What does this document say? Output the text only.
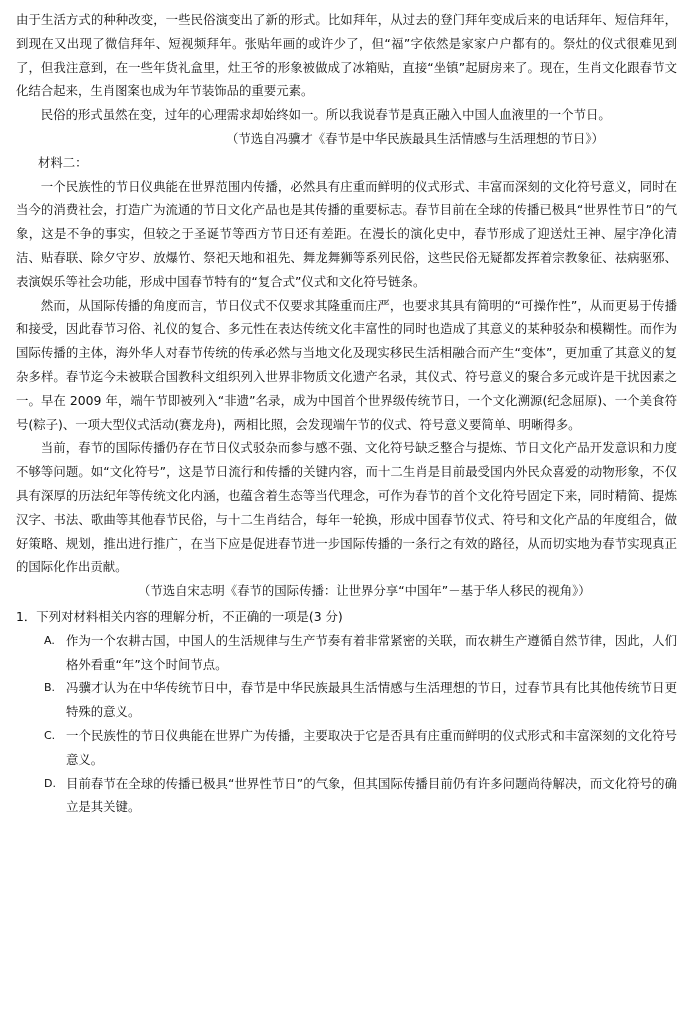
由于生活方式的种种改变，一些民俗演变出了新的形式。比如拜年，从过去的登门拜年变成后来的电话拜年、短信拜年，到现在又出现了微信拜年、短视频拜年。张贴年画的或许少了，但“福”字依然是家家户户都有的。祭灶的仪式很难见到了，但我注意到，在一些年货礼盒里，灶王爷的形象被做成了冰箱贴，直接“坐镇”起厨房来了。现在，生肖文化跟春节文化结合起来，生肖图案也成为年节装饰品的重要元素。

民俗的形式虽然在变，过年的心理需求却始终如一。所以我说春节是真正融入中国人血液里的一个节日。

（节选自冯骥才《春节是中华民族最具生活情感与生活理想的节日》）

材料二：

一个民族性的节日仪典能在世界范围内传播，必然具有庄重而鲜明的仪式形式、丰富而深刻的文化符号意义，同时在当今的消费社会，打造广为流通的节日文化产品也是其传播的重要标志。春节目前在全球的传播已极具“世界性节日”的气象，这是不争的事实，但较之于圣诞节等西方节日还有差距。在漫长的演化史中，春节形成了迎送灶王神、屋宇净化清洁、贴春联、除夕守岁、放爆竹、祭祀天地和祖先、舞龙舞狮等系列民俗，这些民俗无疑都发挥着宗教象征、祛病驱邪、表演娱乐等社会功能，形成中国春节特有的“复合式”仪式和文化符号链条。

然而，从国际传播的角度而言，节日仪式不仅要求其隆重而庄严，也要求其具有简明的“可操作性”，从而更易于传播和接受，因此春节习俗、礼仪的复合、多元性在表达传统文化丰富性的同时也造成了其意义的某种驳杂和模糊性。而作为国际传播的主体，海外华人对春节传统的传承必然与当地文化及现实移民生活相融合而产生“变体”，更加重了其意义的复杂多样。春节迄今未被联合国教科文组织列入世界非物质文化遗产名录，其仪式、符号意义的聚合多元或许是干扰因素之一。早在 2009 年，端午节即被列入“非遗”名录，成为中国首个世界级传统节日，一个文化溯源(纪念屈原)、一个美食符号(粽子)、一项大型仪式活动(赛龙舟)，两相比照，会发现端午节的仪式、符号意义要简单、明晰得多。

当前，春节的国际传播仍存在节日仪式驳杂而参与感不强、文化符号缺乏整合与提炼、节日文化产品开发意识和力度不够等问题。如“文化符号”，这是节日流行和传播的关键内容，而十二生肖是目前最受国内外民众喜爱的动物形象，不仅具有深厚的历法纪年等传统文化内涵，也蕴含着生态等当代理念，可作为春节的首个文化符号固定下来，同时精简、提炼汉字、书法、歌曲等其他春节民俗，与十二生肖结合，每年一轮换，形成中国春节仪式、符号和文化产品的年度组合，做好策略、规划，推出进行推广，在当下应是促进春节进一步国际传播的一条行之有效的路径，从而切实地为春节实现真正的国际化作出贡献。

（节选自宋志明《春节的国际传播：让世界分享“中国年”－基于华人移民的视角》）

1．下列对材料相关内容的理解分析，不正确的一项是(3 分)

A. 作为一个农耕古国，中国人的生活规律与生产节奏有着非常紧密的关联，而农耕生产遵循自然节律，因此，人们格外看重“年”这个时间节点。
B. 冯骥才认为在中华传统节日中，春节是中华民族最具生活情感与生活理想的节日，过春节具有比其他传统节日更特殊的意义。
C. 一个民族性的节日仪典能在世界广为传播，主要取决于它是否具有庄重而鲜明的仪式形式和丰富深刻的文化符号意义。
D. 目前春节在全球的传播已极具“世界性节日”的气象，但其国际传播目前仍有许多问题尚待解决，而文化符号的确立是其关键。
